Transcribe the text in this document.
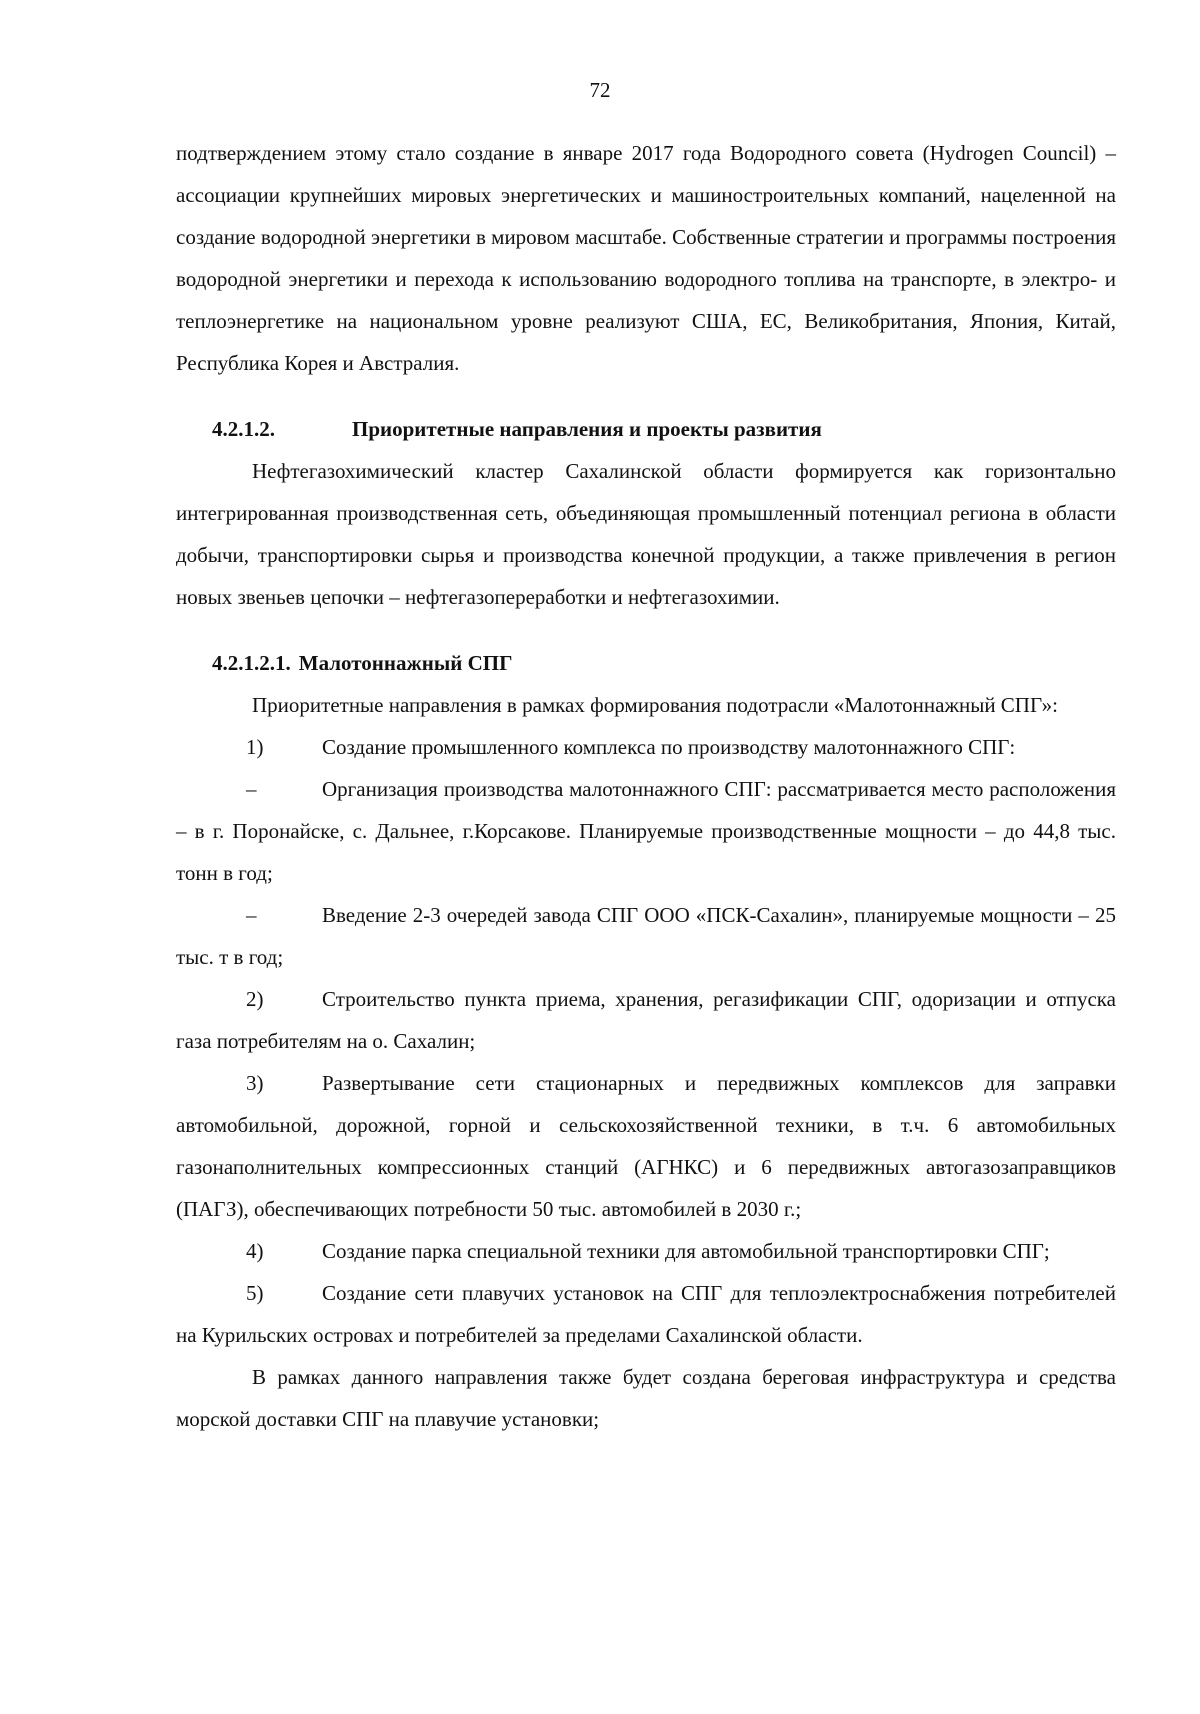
72

подтверждением этому стало создание в январе 2017 года Водородного совета (Hydrogen Council) – ассоциации крупнейших мировых энергетических и машиностроительных компаний, нацеленной на создание водородной энергетики в мировом масштабе. Собственные стратегии и программы построения водородной энергетики и перехода к использованию водородного топлива на транспорте, в электро- и теплоэнергетике на национальном уровне реализуют США, ЕС, Великобритания, Япония, Китай, Республика Корея и Австралия.

4.2.1.2.	Приоритетные направления и проекты развития

Нефтегазохимический кластер Сахалинской области формируется как горизонтально интегрированная производственная сеть, объединяющая промышленный потенциал региона в области добычи, транспортировки сырья и производства конечной продукции, а также привлечения в регион новых звеньев цепочки – нефтегазопереработки и нефтегазохимии.

4.2.1.2.1. Малотоннажный СПГ

Приоритетные направления в рамках формирования подотрасли «Малотоннажный СПГ»:

1)	Создание промышленного комплекса по производству малотоннажного СПГ:

–	Организация производства малотоннажного СПГ: рассматривается место расположения – в г. Поронайске, с. Дальнее, г.Корсакове. Планируемые производственные мощности – до 44,8 тыс. тонн в год;

–	Введение 2-3 очередей завода СПГ ООО «ПСК-Сахалин», планируемые мощности – 25 тыс. т в год;

2)	Строительство пункта приема, хранения, регазификации СПГ, одоризации и отпуска газа потребителям на о. Сахалин;

3)	Развертывание сети стационарных и передвижных комплексов для заправки автомобильной, дорожной, горной и сельскохозяйственной техники, в т.ч. 6 автомобильных газонаполнительных компрессионных станций (АГНКС) и 6 передвижных автогазозаправщиков (ПАГЗ), обеспечивающих потребности 50 тыс. автомобилей в 2030 г.;

4)	Создание парка специальной техники для автомобильной транспортировки СПГ;

5)	Создание сети плавучих установок на СПГ для теплоэлектроснабжения потребителей на Курильских островах и потребителей за пределами Сахалинской области.

В рамках данного направления также будет создана береговая инфраструктура и средства морской доставки СПГ на плавучие установки;
